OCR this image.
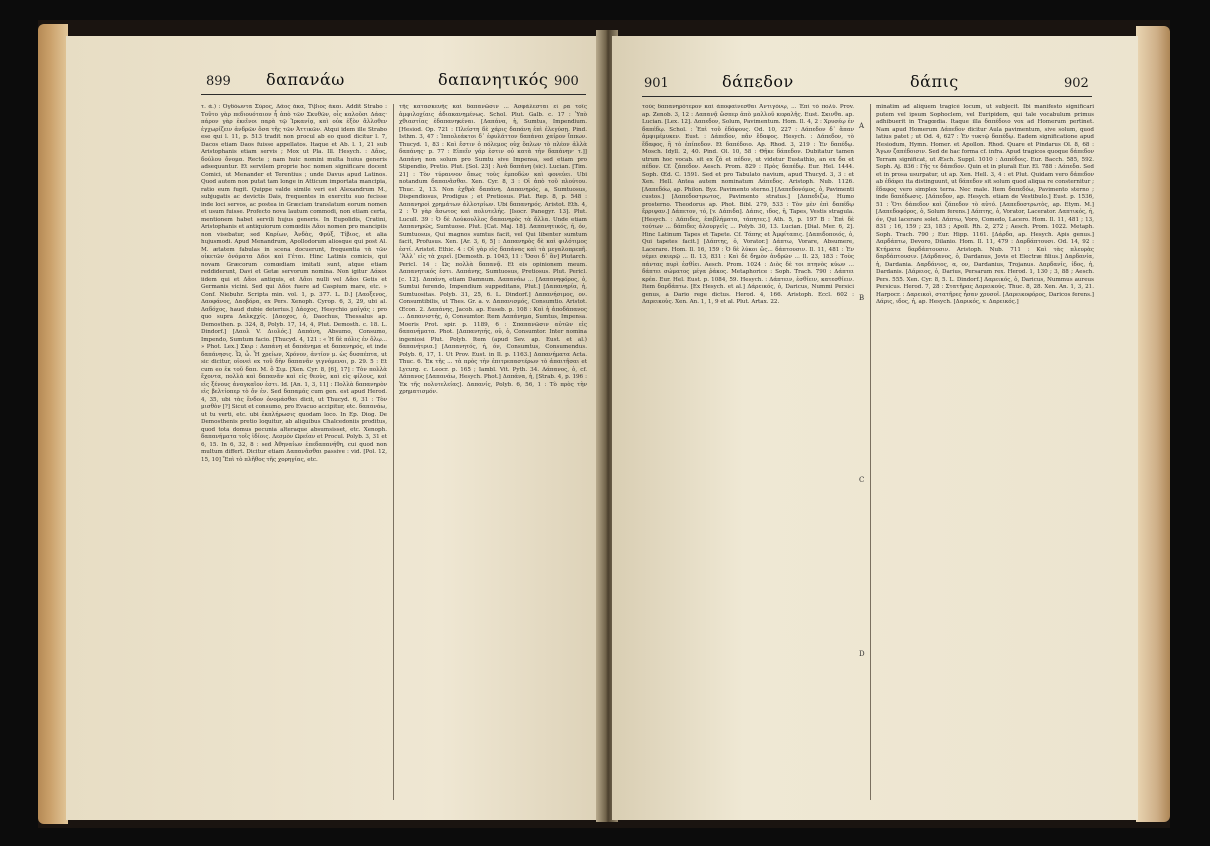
899 δαπανάω	δαπανητικός 900

τ. ἀ.) : Ὀγδόωντα Σύρος, Δᾶος ἄκα, Τίβιος ἄκαι. Addit Strabo : Τοῦτο γὰρ πεδιουόταιον ἦ ἀπὸ τῶν Σκυθῶν, οἷς καλοῦσι Δάας· πάρον γὰρ ἐκεῖνοι παρὰ τῷ Ἰρκανίᾳ, καὶ οὐκ ἐξὸν ἄλλοθεν ἐγχωρίζειν ἀνδρῶν ὅσα τῆς τῶν Ἀττικῶν. Atqui idem ille Strabo ese qui l. 11, p. 513 tradit non procul ab eo quod dicitur l. 7, Dacos etiam Daos fuisse appellatos. Itaque et Ab. l. 1, 21 sub Aristophanis etiam servis ; Mox ut Pla. Ill. Hesych. : Δᾶος, δούλου ὄνομα. Recte ; nam huic nomini multa huius generis adsequuntur. Et servilem proprie hoc nomen significare docent Comici, ut Menander et Terentius ; unde Davus apud Latinos. Quod autem non putat tam longe in Atticum importata mancipia, ratio eum fugit. Quippe valde simile veri est Alexandrum M., subjugatis ac devictis Dais, frequentes in exercitu suo fecisse inde loci servos, ac postea in Græciam translatum eorum nomen et usum fuisse. Profecto nova lautum commodi, non etiam certa, mentionem habet servili hujus generis. In Eupolidis, Cratini, Aristophanis et antiquiorum comœdiis Δᾶοι nomen pro mancipiis non visebatur, sed Καρίων, Ἀνδὰς, Φρύξ, Τίβιος, et alia hujusmodi. Apud Menandrum, Apollodorum aliosque qui post Al. M. ætatem fabulas in scena docuerunt, frequentia τὰ τῶν οἰκετῶν ὀνόματα Δᾶοι καὶ Γέται. Hinc Latinis comicis, qui novam Græcorum comœdiam imitati sunt, atque etiam reddiderunt, Davi et Getæ servorum nomina. Non igitur Δάκοι iidem qui et Δᾶοι antiquis, et Δᾶοι nulli vel Δᾶοι Getis et Germanis vicini. Sed qui Δᾶοι fuere ad Caspium mare, etc. » Conf. Niebuhr. Scripta min. vol. 1, p. 377. L. D.] [Δαοξενος, Δαοφάνος, Δαοβόρα, ex Pers. Xenoph. Cyrop. 6, 3, 29, ubi al. Δαδόχος, haud dubie deterius.] Δάοχος, Hesychio μαίγάς : pro quo supra Δαλκχχίς. [Δαοχος, ὁ, Daochus, Thessalus ap. Demosthen. p. 324, 8, Polyb. 17, 14, 4, Plut. Demosth. c. 18. L. Dindorf.] [Δαολ V. Διολός.] Δαπάνη, Absumo, Consumo, Impendo, Sumtum facio. [Thucyd. 4, 121 : « Ἡ δὲ πόλις ἐν ὅλῳ... » Phot. Lex.] Σκιρ : Δαπάνη et δαπάνημα et δαπανηρός, et inde δαπάνησις. Ὧ, ὦ. Ἦ χρείων, Χρόνον, ἀντίον μ. ὡς δυσπέπτα, ut sic dicitur, οἱονεὶ ex τοῦ δὴν δαπανᾶν γιγνόμενοι, p. 29. 5 : Et cum eo ἐκ τοῦ δαπ. Μ. ὃ Σιμ. [Xen. Cyr. 8, [6], 17] : Τὸν πολλὰ ἔχοντα, πολλὰ καὶ δαπανᾶν καὶ εἰς θεοὺς, καὶ εἰς φίλους, καὶ εἰς ξένους ἀναγκαῖον ἐστι. Id. [An. 1, 3, 11] : Πολλὰ δαπανηρὸν εἰς βελτίοπερ τὸ ὄν ἐν. Sed δαπαμάς cum gen. est apud Herod. 4, 35, ubi τὰς ἔνδον ὀνομάσθαι dicit, ut Thucyd. 6, 31 : Τὸν μισθὸν [?] Sicut et consumo, pro Evacuo accipitur, etc. δαπανάω, ut tu verti, etc. ubi ἐκπλήρωσις quodam loco. In Ep. Diog. De Demosthenis pretio loquitur, ab aliquibus Chalcedoniis proditus, quod tota domus pecunia alteraque absumsisset, etc. Xenoph. δαπανήματα τοῖς ἰδίοις. Δεσμὸν Ωρείαν et Procul. Polyb. 3, 31 et 6, 15. In 6, 32, 8 : sed Ἀθηναίων ἐπεδαπανήθη, cui quod non multum differt. Dicitur etiam Δαπανᾶσθαι passive : vid. [Pol. 12, 15, 10] Ἔπὶ τὸ πλῆθος τῆς χορηγίας, etc.

τῆς κατασκευῆς καὶ δαπανῶσιν ... Ἀσφάλεσται εἶ ρα τοῖς ἀμφιλοχίαις ἀδιακανημένως. Schol. Plut. Galb. c. 17 : Ὑπὸ χθιαστίας ἐδαπανηκέναι. [Δαπάνα, ἡ, Sumtus, Impendium. [Hesiod. Op. 721 : Πλείστη δὲ χάρις δαπάνη ἐπὶ ἐλεγύσῃ. Pind. Isthm. 3, 47 : Ἱππολεάκτοι δ᾽ ἐφυλάττον δαπάναι χαίρον ἵππων. Thucyd. 1, 83 : Καὶ ἔστιν ὁ πόλεμος οὐχ ὅπλων τὸ πλέον ἀλλὰ δαπάνης· p. 77 : Εἰπεῖν γάρ ἐστιν οὐ κατὰ τὴν δαπάνην· τ.]] Δαπάνη non solum pro Sumtu sive Impensa, sed etiam pro Stipendio, Pretio. Plut. [Sol. 23] : Ἀνὰ δαπάνη (sic). Lucian. [Tim. 21] : Τὸν τύραννον ὅπως τοὺς ἐμποδὼν καὶ φονεύει. Ubi notandum δαπανᾶσθαι. Xen. Cyr. 8, 3 : Οἱ ἀπὸ τοῦ πλούτου. Thuc. 2, 13. Non ἐχθρὰ δαπάνη. Δαπανηρός, a, Sumtuosus, Dispendiosus, Prodigus ; et Pretiosus. Plat. Rep. 8, p. 548 : Δαπανηροὶ χρημάτων ἀλλοτρίων. Ubi δαπανηρός. Aristot. Eth. 4, 2 : Ὅ γὰρ ἄσωτος καὶ πολυτελής. [Isocr. Panegyr. 13]. Plut. Lucull. 39 : Ὁ δὲ Λούκουλλος δαπανηρὸς τὰ ἄλλα. Unde etiam Δαπανηρῶς, Sumtuose. Plut. [Cat. Maj. 18]. Δαπανητικός, ή, όν, Sumtuosus, Qui magnos sumtus facit, vel Qui libenter sumtum facit, Profusus. Xen. [Ar. 3, 6, 5] : Δαπανηρὸς δὲ καὶ φιλότιμος ἐστί. Aristot. Ethic. 4 : Οἱ γὰρ εἰς δαπάνας καὶ τὰ μεγαλοπρεπῆ. ᾽Ἀλλ᾽ εἰς τὰ χερεῖ. [Demosth. p. 1043, 11 : Ὅσοι δ᾽ ἂν] Plutarch. Pericl. 14 : Ὡς πολλὰ δαπανᾷ. Et eis opinionem meum. Δαπανητικός ἐστι. Δαπάνης, Sumtuosus, Pretiosus. Plut. Pericl. [c. 12]. Δαπάνη, etiam Damnum. Δαπανάω ... [Δαπανηφόρος, ὁ, Sumtui ferendo, Impendium suppeditans, Plut.] [Δαπανηρία, ἡ, Sumtuositas. Polyb. 31, 25, 6. L. Dindorf.] Δαπανήσιμος, ον. Consumtibilis, ut Thes. Gr. a. v. Δαπανισμός, Consumtio. Aristot. Œcon. 2. Δαπάνης, Jacob. ap. Euseb. p. 108 : Καὶ ἡ ἀποδάπανος ... Δαπανιστής, ὁ, Consumtor. Item Δαπάνημα, Sumtus, Impensa. Moeris Prot. spir. p. 1189, 6 : Σπαπανῶσιν αὐτῶν εἰς δαπανήματα. Phot. [Δαπανητής, οὐ, ὁ, Consumtor. Inter nomina ingeniosi Plut. Polyb. Item (apud Sev. ap. Eust. et al.) δαπανήτρια.] [Δαπανητός, ή, όν, Consumtus, Consumendus. Polyb. 6, 17, 1. Ut Prov. Eust. in Il. p. 1163.] Δαπανήματα Acta. Thuc. 6. Ἐκ τῆς ... τὰ πρὸς τὴν ἐπιτρεπαστέρων τὸ ἀπαιτῆσαι et Lycurg. c. Leocr. p. 165 ; Iambl. Vit. Pyth. 34. Δάπανος, ὁ, cf. Δάπανος [Δαπανάω, Hesych. Phot.] Δαπάνα, ἡ, [Strab. 4, p. 196 : Ἐκ τῆς πολυτελείας]. Δαπανίς, Polyb. 6, 56, 1 : Τὸ πρὸς τὴν χρηματισμόν.

901	δάπεδον	δάπις	902

τοὺς δαπανηρότερον καὶ ἀποφαίνεσθαι Ἀντιγόνῳ, ... Ἐπὶ τὸ πολὺ. Prov. ap. Zenob. 3, 12 : Δαπανᾷ ὥσπερ ἀπὸ μαλλοῦ κεφαλῆς. Eust. Σκινθα. ap. Lucian. [Lex. 12]. Δαπεδον, Solum, Pavimentum. Hom. Il. 4, 2 : Χρυσέῳ ἐν δαπέδῳ. Schol. : Ἐπὶ τοῦ ἐδάφους. Od. 10, 227 : Δάπεδον δ᾽ ἅπαν ἀμφιμέμυκεν. Eust. : Δάπεδον, πᾶν ἔδαφος. Hesych. : Δάπεδον, τὸ ἔδαφος, ἢ τὸ ἐπίπεδον. Et δαπέδοιο. Ap. Rhod. 3, 219 : Ἐν δαπέδῳ. Mosch. Idyll. 2, 40. Pind. Ol. 10, 58 : Θῆκε δάπεδον. Dubitatur tamen utrum hoc vocab. sit ex ζά et πέδον, ut videtur Eustathio, an ex δα et πέδον. Cf. ζάπεδον. Aesch. Prom. 829 : Πρὸς δαπέδῳ. Eur. Hel. 1444. Soph. Œd. C. 1591. Sed et pro Tabulato navium, apud Thucyd. 3, 3 : et Xen. Hell. Antea autem nominatum Δάπεδος. Aristoph. Nub. 1126. [Δαπεδόω, ap. Philon. Byz. Pavimento sterno.] [Δαπεδονόμος, ὁ, Pavimenti custos.] [Δαπεδοστρωτος, Pavimento stratus.] [Δαπεδιζω, Humo prosterno. Theodorus ap. Phot. Bibl. 279, 533 : Τὸν μὲν ἐπὶ δαπέδῳ ἔρριψαν.] Δάπετον, τό, [v. Δάπιδα]. Δάπις, ιδος, ἡ, Tapes, Vestis stragula. [Hesych. : Δάπιδες, ἐπιβλήματα, τάπητες.] Ath. 5, p. 197 B : Ἐπὶ δὲ τούτων ... δάπιδες ἁλουργεῖς ... Polyb. 30, 13. Lucian. [Dial. Mer. 6, 2]. Hinc Latinum Tapes et Tapete. Cf. Τάπης et Ἀμφίταπις. [Δαπιδοποιός, ὁ, Qui tapetes facit.] [Δάπτης, ὁ, Vorator.] Δάπτω, Vorare, Absumere, Lacerare. Hom. Il. 16, 159 : Ὁ δὲ λύκοι ὥς... δάπτουσιν. Il. 11, 481 : Ἐν νέμει σκιερῷ ... Il. 13, 831 : Καὶ δὲ δημὸν ἀνδρῶν ... Il. 23, 183 : Τοὺς πάντας πυρὶ ἐσθίει. Aesch. Prom. 1024 : Διὸς δὲ τοι πτηνὸς κύων ... δάπτει σώματος μέγα ῥάκος. Metaphorice : Soph. Trach. 790 : Δάπτει κρέα. Eur. Hel. Eust. p. 1084, 59. Hesych. : Δάπτειν, ἐσθίειν, κατεσθίειν. Item δαρδάπτω. [Ex Hesych. et al.] Δάρεικός, ὁ, Daricus, Nummi Persici genus, a Dario rege dictus. Herod. 4, 166. Aristoph. Eccl. 602 : Δαρεικοὺς. Xen. An. 1, 1, 9 et al. Plut. Artax. 22.

A
B
C
D

minatim ad aliquem tragicè locum, ut subjecit. Ibi manifesto significari putem vel ipsum Sophoclem, vel Euripidem, qui tale vocabulum primus adhibuerit in Tragœdia. Itaque illa δαπέδοιο vox ad Homerum pertinet. Nam apud Homerum Δάπεδον dicitur Aula pavimentum, sive solum, quod latius patet ; ut Od. 4, 627 : Ἐν τυκτῷ δαπέδῳ. Eadem significatione apud Hesiodum, Hymn. Homer. et Apollon. Rhod. Quare et Pindarus Ol. 8, 68 : Ἄγων ζαπέδοισιν. Sed de hac forma cf. infra. Apud tragicos quoque δάπεδον Terram significat, ut Æsch. Suppl. 1010 : Δαπέδοις. Eur. Bacch. 585, 592. Soph. Aj. 836 : Γῆς τε δάπεδον. Quin et in plurali Eur. El. 788 : Δάπεδα. Sed et in prosa usurpatur, ut ap. Xen. Hell. 3, 4 : et Plut. Quidam vero δάπεδον ab ἐδάφει ita distinguunt, ut δάπεδον sit solum quod aliqua re consternitur ; ἔδαφος vero simplex terra. Nec male. Item δαπεδόω, Pavimento sterno ; inde δαπέδωσις. [Δάπεδον, ap. Hesych. etiam de Vestibulo.] Eust. p. 1536, 51 : Ὅτι δάπεδον καὶ ζάπεδον τὸ αὐτό. [Δαπεδοστρωτὸς, ap. Etym. M.] [Δαπεδοφόρος, ὁ, Solum ferens.] Δάπτης, ὁ, Vorator, Lacerator. Δαπτικός, ή, όν, Qui lacerare solet. Δάπτω, Voro, Comedo, Lacero. Hom. Il. 11, 481 ; 13, 831 ; 16, 159 ; 23, 183 ; Apoll. Rh. 2, 272 ; Aesch. Prom. 1022. Metaph. Soph. Trach. 790 ; Eur. Hipp. 1161. [Δάρδα, ap. Hesych. Apis genus.] Δαρδάπτω, Devoro, Dilanio. Hom. Il. 11, 479 : Δαρδάπτουσι. Od. 14, 92 : Κτήματα δαρδάπτουσιν. Aristoph. Nub. 711 : Καὶ τὰς πλευρὰς δαρδάπτουσιν. [Δάρδανος, ὁ, Dardanus, Jovis et Electræ filius.] Δαρδανία, ἡ, Dardania. Δαρδάνιος, α, ον, Dardanius, Trojanus. Δαρδανίς, ίδος, ἡ, Dardanis. [Δάρειος, ὁ, Darius, Persarum rex. Herod. 1, 130 ; 3, 88 ; Aesch. Pers. 555. Xen. Cyr. 8, 5. L. Dindorf.] Δαρεικός, ὁ, Daricus, Nummus aureus Persicus. Herod. 7, 28 : Στατῆρας Δαρεικούς. Thuc. 8, 28. Xen. An. 1, 3, 21. Harpocr. : Δαρεικοὶ, στατῆρες ἦσαν χρυσοῖ. [Δαρεικοφόρος, Daricos ferens.] Δάρις, ιδος, ἡ, ap. Hesych. [Δαρικός, v. Δαρεικός.]
